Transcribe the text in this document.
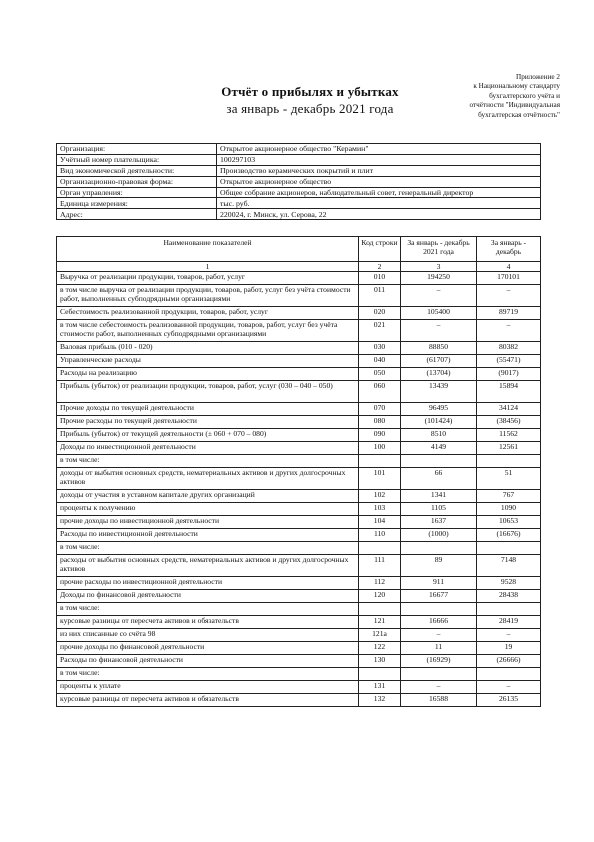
Отчёт о прибылях и убытках
за январь - декабрь 2021 года
Приложение 2
к Национальному стандарту
бухгалтерского учёта и
отчётности "Индивидуальная
бухгалтерская отчётность"
Организация:	Открытое акционерное общество "Керамин"
Учётный номер плательщика:	100297103
Вид экономической деятельности:	Производство керамических покрытий и плит
Организационно-правовая форма:	Открытое акционерное общество
Орган управления:	Общее собрание акционеров, наблюдательный совет, генеральный директор
Единица измерения:	тыс. руб.
Адрес:	220024, г. Минск, ул. Серова, 22
Наименование показателей	Код строки	За январь - декабрь 2021 года	За январь - декабрь
1	2	3	4
Выручка от реализации продукции, товаров, работ, услуг	010	194250	170101
в том числе выручка от реализации продукции, товаров, работ, услуг без учёта стоимости работ, выполненных субподрядными организациями	011	–	–
Себестоимость реализованной продукции, товаров, работ, услуг	020	105400	89719
в том числе себестоимость реализованной продукции, товаров, работ, услуг без учёта стоимости работ, выполненных субподрядными организациями	021	–	–
Валовая прибыль (010 - 020)	030	88850	80382
Управленческие расходы	040	(61707)	(55471)
Расходы на реализацию	050	(13704)	(9017)
Прибыль (убыток) от реализации продукции, товаров, работ, услуг (030 – 040 – 050)	060	13439	15894
Прочие доходы по текущей деятельности	070	96495	34124
Прочие расходы по текущей деятельности	080	(101424)	(38456)
Прибыль (убыток) от текущей деятельности (± 060 + 070 – 080)	090	8510	11562
Доходы по инвестиционной деятельности	100	4149	12561
в том числе:			
доходы от выбытия основных средств, нематериальных активов и других долгосрочных активов	101	66	51
доходы от участия в уставном капитале других организаций	102	1341	767
проценты к получению	103	1105	1090
прочие доходы по инвестиционной деятельности	104	1637	10653
Расходы по инвестиционной деятельности	110	(1000)	(16676)
в том числе:			
расходы от выбытия основных средств, нематериальных активов и других долгосрочных активов	111	89	7148
прочие расходы по инвестиционной деятельности	112	911	9528
Доходы по финансовой деятельности	120	16677	28438
в том числе:			
курсовые разницы от пересчета активов и обязательств	121	16666	28419
из них списанные со счёта 98	121а	–	–
прочие доходы по финансовой деятельности	122	11	19
Расходы по финансовой деятельности	130	(16929)	(26666)
в том числе:			
проценты к уплате	131	–	–
курсовые разницы от пересчета активов и обязательств	132	16588	26135
